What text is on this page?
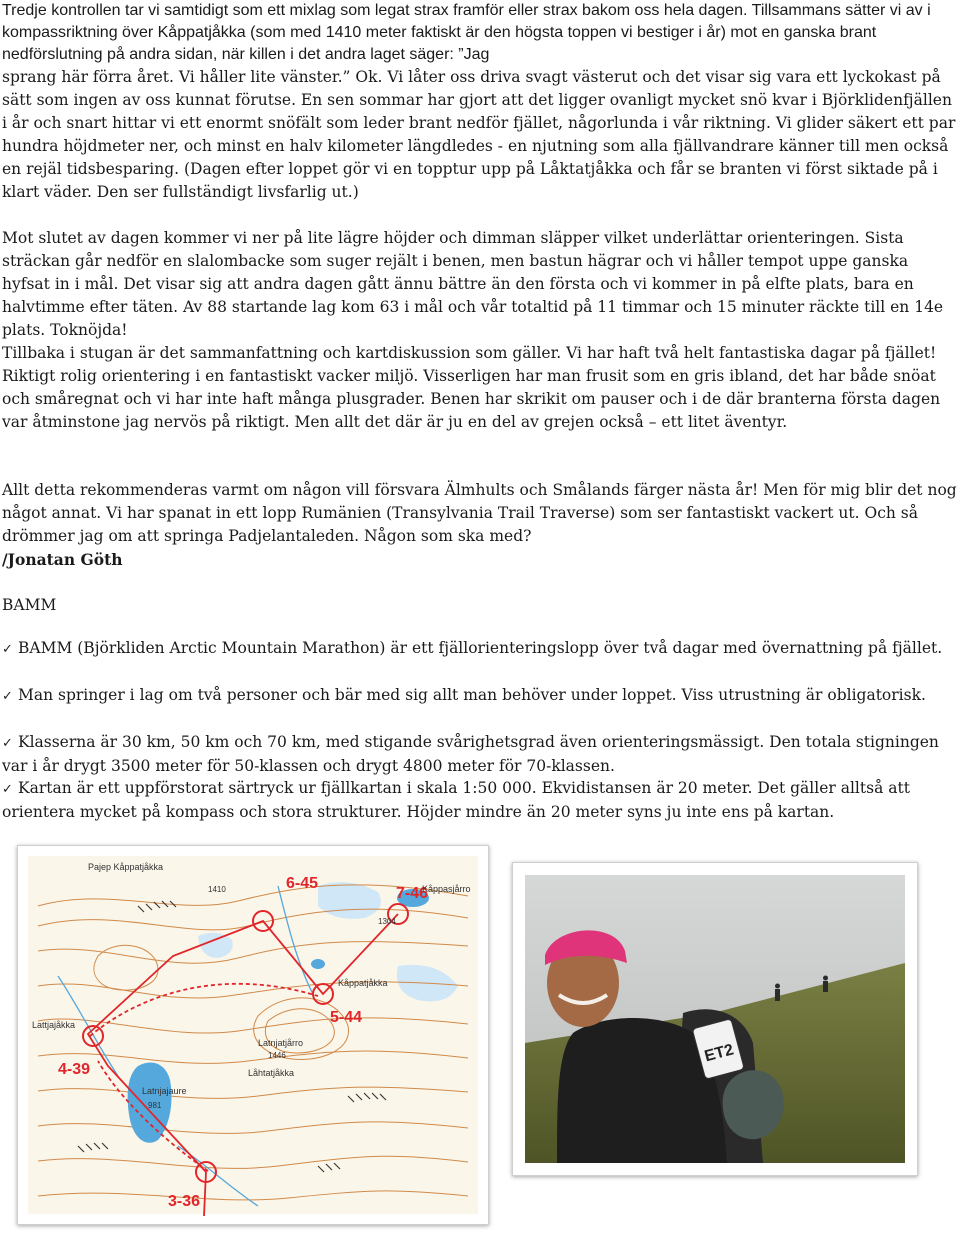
Tredje kontrollen tar vi samtidigt som ett mixlag som legat strax framför eller strax bakom oss hela dagen. Tillsammans sätter vi av i kompassriktning över Kåppatjåkka (som med 1410 meter faktiskt är den högsta toppen vi bestiger i år) mot en ganska brant nedförslutning på andra sidan, när killen i det andra laget säger: ”Jag

sprang här förra året. Vi håller lite vänster.” Ok. Vi låter oss driva svagt västerut och det visar sig vara ett lyckokast på sätt som ingen av oss kunnat förutse. En sen sommar har gjort att det ligger ovanligt mycket snö kvar i Björklidenfjällen i år och snart hittar vi ett enormt snöfält som leder brant nedför fjället, någorlunda i vår riktning. Vi glider säkert ett par hundra höjdmeter ner, och minst en halv kilometer längdledes - en njutning som alla fjällvandrare känner till men också en rejäl tidsbesparing. (Dagen efter loppet gör vi en topptur upp på Låktatjåkka och får se branten vi först siktade på i klart väder. Den ser fullständigt livsfarlig ut.)

Mot slutet av dagen kommer vi ner på lite lägre höjder och dimman släpper vilket underlättar orienteringen. Sista sträckan går nedför en slalombacke som suger rejält i benen, men bastun hägrar och vi håller tempot uppe ganska hyfsat in i mål. Det visar sig att andra dagen gått ännu bättre än den första och vi kommer in på elfte plats, bara en halvtimme efter täten. Av 88 startande lag kom 63 i mål och vår totaltid på 11 timmar och 15 minuter räckte till en 14e plats. Toknöjda!

Tillbaka i stugan är det sammanfattning och kartdiskussion som gäller. Vi har haft två helt fantastiska dagar på fjället! Riktigt rolig orientering i en fantastiskt vacker miljö. Visserligen har man frusit som en gris ibland, det har både snöat och småregnat och vi har inte haft många plusgrader. Benen har skrikit om pauser och i de där branterna första dagen var åtminstone jag nervös på riktigt. Men allt det där är ju en del av grejen också – ett litet äventyr.

Allt detta rekommenderas varmt om någon vill försvara Älmhults och Smålands färger nästa år! Men för mig blir det nog något annat. Vi har spanat in ett lopp Rumänien (Transylvania Trail Traverse) som ser fantastiskt vackert ut. Och så drömmer jag om att springa Padjelantaleden. Någon som ska med?

/Jonatan Göth

BAMM

✓ BAMM (Björkliden Arctic Mountain Marathon) är ett fjällorienteringslopp över två dagar med övernattning på fjället.
✓ Man springer i lag om två personer och bär med sig allt man behöver under loppet. Viss utrustning är obligatorisk.
✓ Klasserna är 30 km, 50 km och 70 km, med stigande svårighetsgrad även orienteringsmässigt. Den totala stigningen var i år drygt 3500 meter för 50-klassen och drygt 4800 meter för 70-klassen.
✓ Kartan är ett uppförstorat särtryck ur fjällkartan i skala 1:50 000. Ekvidistansen är 20 meter. Det gäller alltså att orientera mycket på kompass och stora strukturer. Höjder mindre än 20 meter syns ju inte ens på kartan.
6-45
7-46
5-44
4-39
3-36
Pajep Kåppatjåkka
Kåppasjårro
Kåppatjåkka
Lattjajåkka
Latnjatjårro
Låhtatjåkka
Latnjajaure
1410
1304
1446
981
ET2
